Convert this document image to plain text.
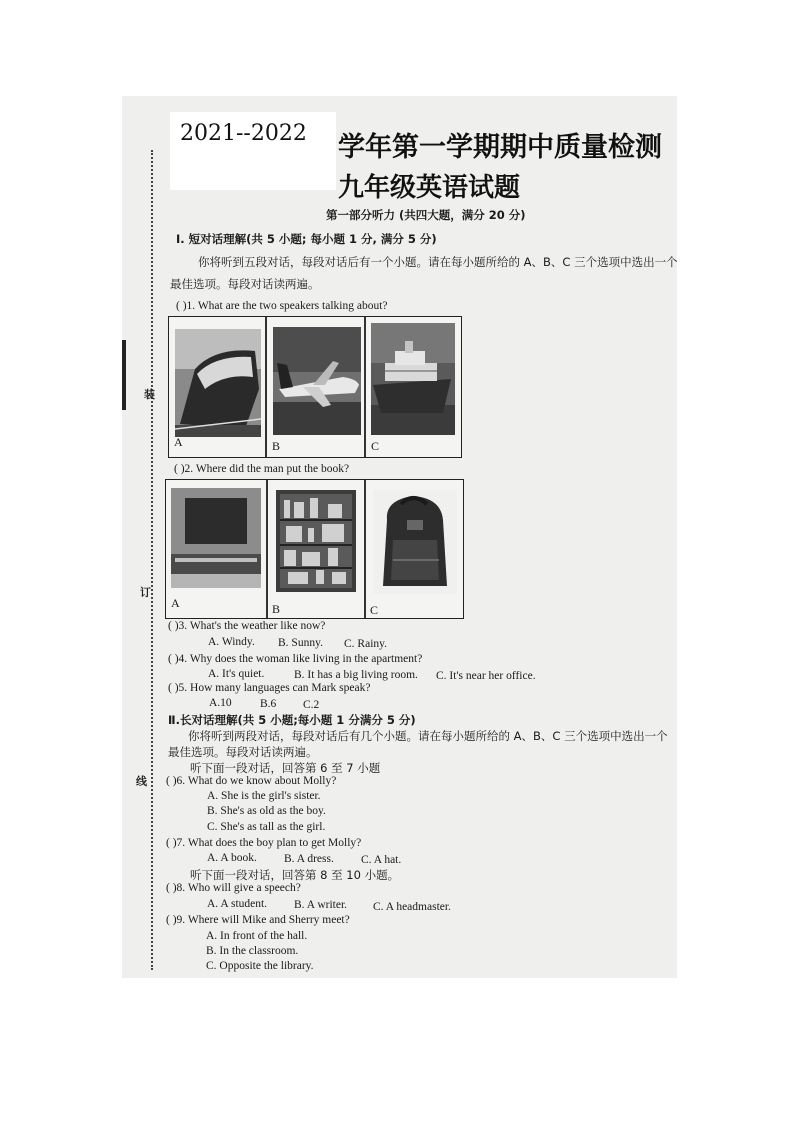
装
订
线
2021--2022 学年第一学期期中质量检测
九年级英语试题
第一部分听力 (共四大题，满分 20 分)
I. 短对话理解(共 5 小题; 每小题 1 分, 满分 5 分)
你将听到五段对话，每段对话后有一个小题。请在每小题所给的 A、B、C 三个选项中选出一个
最佳选项。每段对话读两遍。
( )1. What are the two speakers talking about?
A	B	C
( )2. Where did the man put the book?
A	B	C
( )3. What's the weather like now?
A. Windy. B. Sunny. C. Rainy.
( )4. Why does the woman like living in the apartment?
A. It's quiet.	B. It has a big living room. C. It's near her office.
( )5. How many languages can Mark speak?
A.10 B.6 C.2
Ⅱ.长对话理解(共 5 小题;每小题 1 分满分 5 分)
你将听到两段对话，每段对话后有几个小题。请在每小题所给的 A、B、C 三个选项中选出一个
最佳选项。每段对话读两遍。
听下面一段对话，回答第 6 至 7 小题
( )6. What do we know about Molly?
A. She is the girl's sister.
B. She's as old as the boy.
C. She's as tall as the girl.
( )7. What does the boy plan to get Molly?
A. A book. B. A dress. C. A hat.
听下面一段对话，回答第 8 至 10 小题。
( )8. Who will give a speech?
A. A student. B. A writer. C. A headmaster.
( )9. Where will Mike and Sherry meet?
A. In front of the hall.
B. In the classroom.
C. Opposite the library.
